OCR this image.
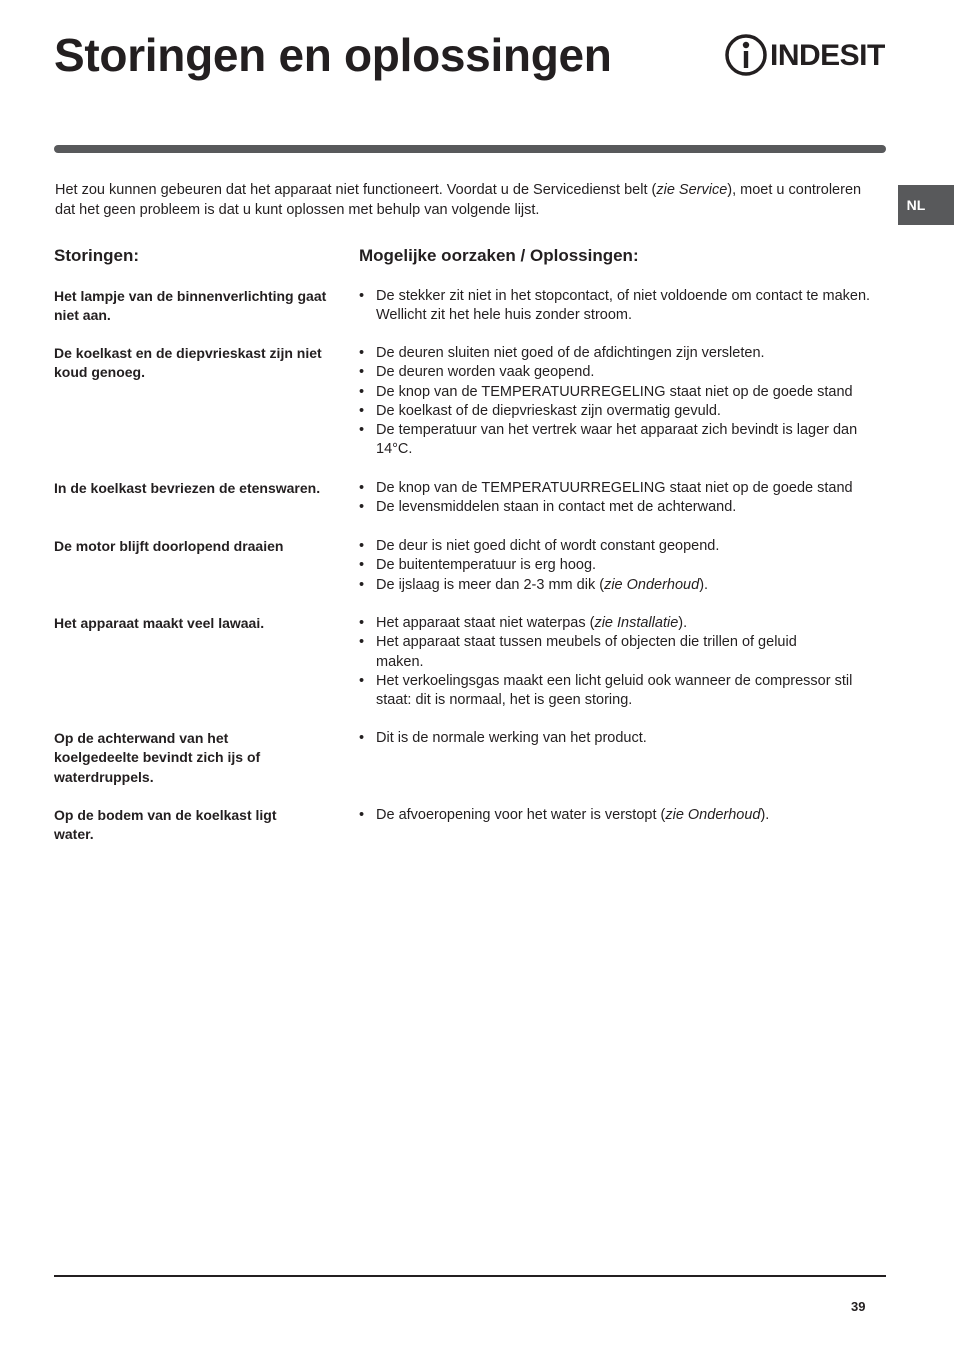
Storingen en oplossingen	INDESIT
NL

Het zou kunnen gebeuren dat het apparaat niet functioneert. Voordat u de Servicedienst belt (zie Service), moet u controleren dat het geen probleem is dat u kunt oplossen met behulp van volgende lijst.

Storingen:	Mogelijke oorzaken / Oplossingen:
Het lampje van de binnenverlichting gaat niet aan.
• De stekker zit niet in het stopcontact, of niet voldoende om contact te maken. Wellicht zit het hele huis zonder stroom.
De koelkast en de diepvrieskast zijn niet koud genoeg.
• De deuren sluiten niet goed of de afdichtingen zijn versleten.
• De deuren worden vaak geopend.
• De knop van de TEMPERATUURREGELING staat niet op de goede stand
• De koelkast of de diepvrieskast zijn overmatig gevuld.
• De temperatuur van het vertrek waar het apparaat zich bevindt is lager dan 14°C.
In de koelkast bevriezen de etenswaren.	• De knop van de TEMPERATUURREGELING staat niet op de goede stand
• De levensmiddelen staan in contact met de achterwand.
De motor blijft doorlopend draaien	• De deur is niet goed dicht of wordt constant geopend.
• De buitentemperatuur is erg hoog.
• De ijslaag is meer dan 2-3 mm dik (zie Onderhoud).
Het apparaat maakt veel lawaai.	• Het apparaat staat niet waterpas (zie Installatie).
• Het apparaat staat tussen meubels of objecten die trillen of geluid maken.
• Het verkoelingsgas maakt een licht geluid ook wanneer de compressor stil staat: dit is normaal, het is geen storing.
Op de achterwand van het koelgedeelte bevindt zich ijs of waterdruppels.
• Dit is de normale werking van het product.
Op de bodem van de koelkast ligt water.
• De afvoeropening voor het water is verstopt (zie Onderhoud).
39
